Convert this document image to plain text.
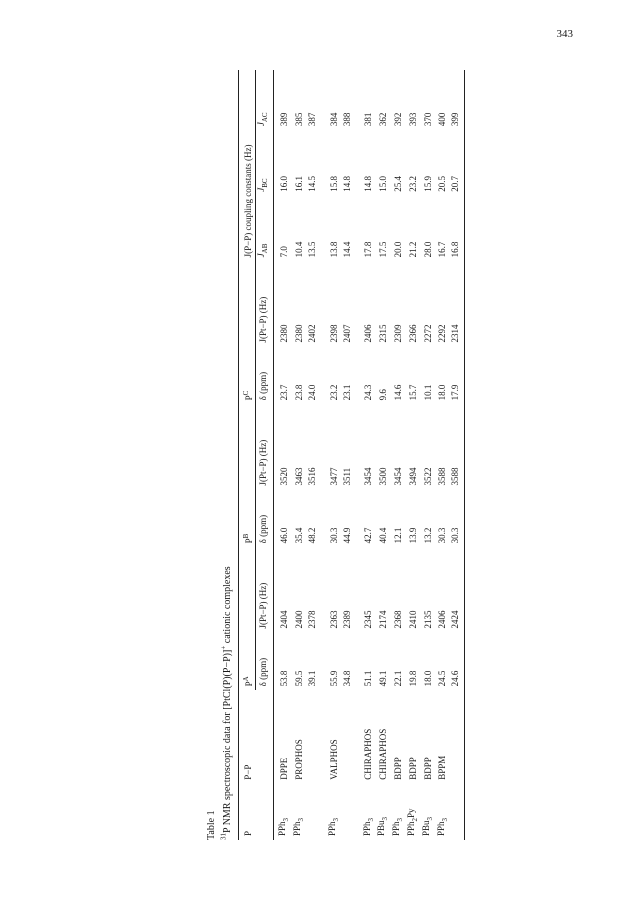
343
Table 1 $^{31}$P NMR spectroscopic data for [PtCl(P)(P−P)]+ cationic complexes
P	P−P	$P^A$		$P^B$		$P^C$		J(P−P) coupling constants (Hz)		
		δ (ppm)	J(Pt−P) (Hz)	δ (ppm)	J(Pt−P) (Hz)	δ (ppm)	J(Pt−P) (Hz)	$J_{AB}$	$J_{BC}$	$J_{AC}$
PPh$_3$	DPPE	53.8	2404	46.0	3520	23.7	2380	7.0	16.0	389
PPh$_3$	PROPHOS	59.5	2400	35.4	3463	23.8	2380	10.4	16.1	385
		39.1	2378	48.2	3516	24.0	2402	13.5	14.5	387

PPh$_3$	VALPHOS	55.9	2363	30.3	3477	23.2	2398	13.8	15.8	384
		34.8	2389	44.9	3511	23.1	2407	14.4	14.8	388

PPh$_3$	CHIRAPHOS	51.1	2345	42.7	3454	24.3	2406	17.8	14.8	381
PBu$_3$	CHIRAPHOS	49.1	2174	40.4	3500	9.6	2315	17.5	15.0	362
PPh$_3$	BDPP	22.1	2368	12.1	3454	14.6	2309	20.0	25.4	392
PPh$_2$Py	BDPP	19.8	2410	13.9	3494	15.7	2366	21.2	23.2	393
PBu$_3$	BDPP	18.0	2135	13.2	3522	10.1	2272	28.0	15.9	370
PPh$_3$	BPPM	24.5	2406	30.3	3588	18.0	2292	16.7	20.5	400
		24.6	2424	30.3	3588	17.9	2314	16.8	20.7	399
